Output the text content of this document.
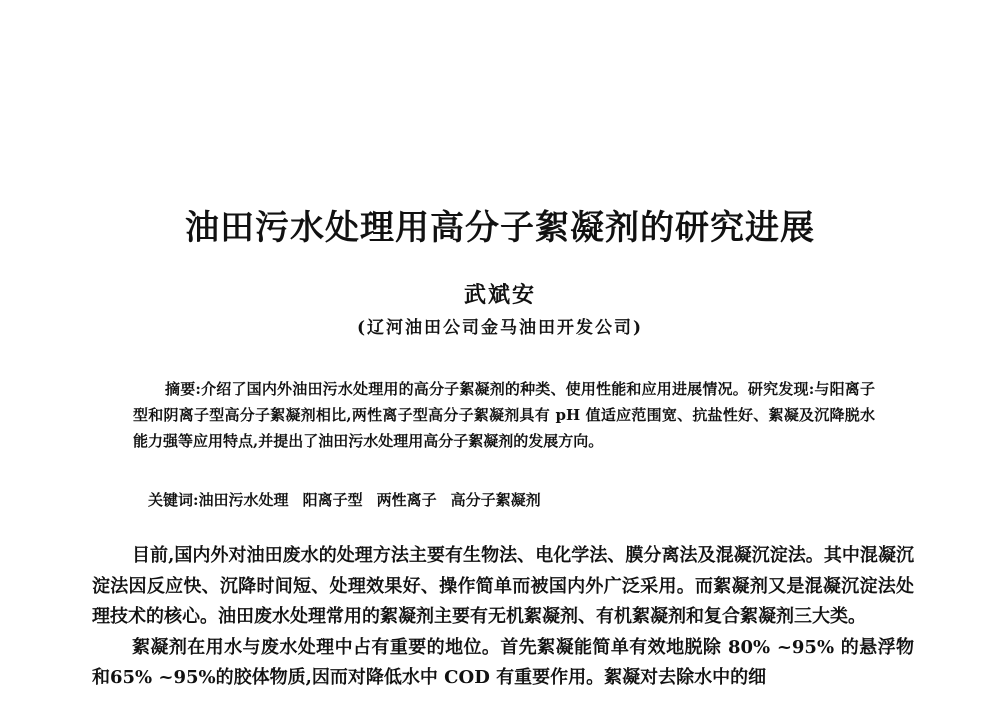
油田污水处理用高分子絮凝剂的研究进展
武斌安
(辽河油田公司金马油田开发公司)
摘要:介绍了国内外油田污水处理用的高分子絮凝剂的种类、使用性能和应用进展情况。研究发现:与阳离子型和阴离子型高分子絮凝剂相比,两性离子型高分子絮凝剂具有 pH 值适应范围宽、抗盐性好、絮凝及沉降脱水能力强等应用特点,并提出了油田污水处理用高分子絮凝剂的发展方向。
关键词:油田污水处理 阳离子型 两性离子 高分子絮凝剂

目前,国内外对油田废水的处理方法主要有生物法、电化学法、膜分离法及混凝沉淀法。其中混凝沉淀法因反应快、沉降时间短、处理效果好、操作简单而被国内外广泛采用。而絮凝剂又是混凝沉淀法处理技术的核心。油田废水处理常用的絮凝剂主要有无机絮凝剂、有机絮凝剂和复合絮凝剂三大类。

絮凝剂在用水与废水处理中占有重要的地位。首先絮凝能简单有效地脱除 80% ~95% 的悬浮物和65% ~95%的胶体物质,因而对降低水中 COD 有重要作用。絮凝对去除水中的细
